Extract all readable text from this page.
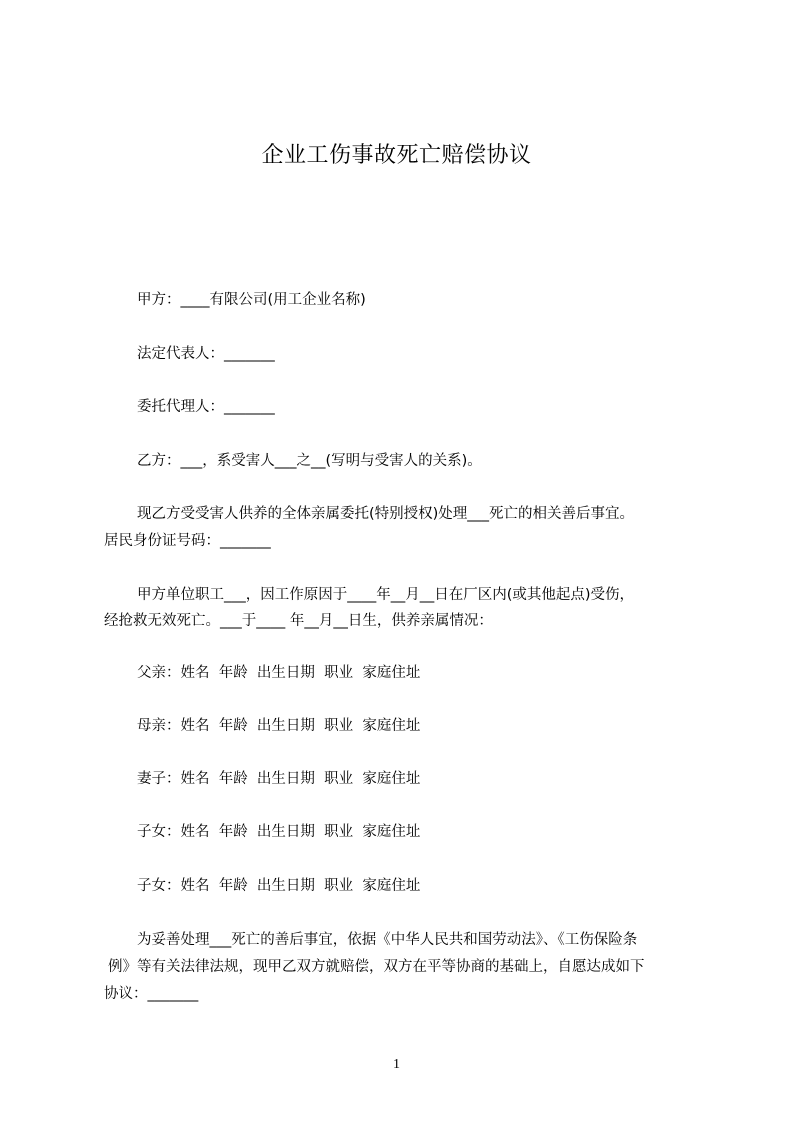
企业工伤事故死亡赔偿协议
甲方：____有限公司(用工企业名称)
法定代表人：_______
委托代理人：_______
乙方：___，系受害人___之__(写明与受害人的关系)。
现乙方受受害人供养的全体亲属委托(特别授权)处理___死亡的相关善后事宜。
居民身份证号码：_______
甲方单位职工___，因工作原因于____年__月__日在厂区内(或其他起点)受伤，
经抢救无效死亡。___于____ 年__月__日生，供养亲属情况：
父亲：姓名  年龄  出生日期  职业  家庭住址
母亲：姓名  年龄  出生日期  职业  家庭住址
妻子：姓名  年龄  出生日期  职业  家庭住址
子女：姓名  年龄  出生日期  职业  家庭住址
子女：姓名  年龄  出生日期  职业  家庭住址
为妥善处理___死亡的善后事宜，依据《中华人民共和国劳动法》、《工伤保险条
例》等有关法律法规，现甲乙双方就赔偿，双方在平等协商的基础上，自愿达成如下
协议：_______
1
